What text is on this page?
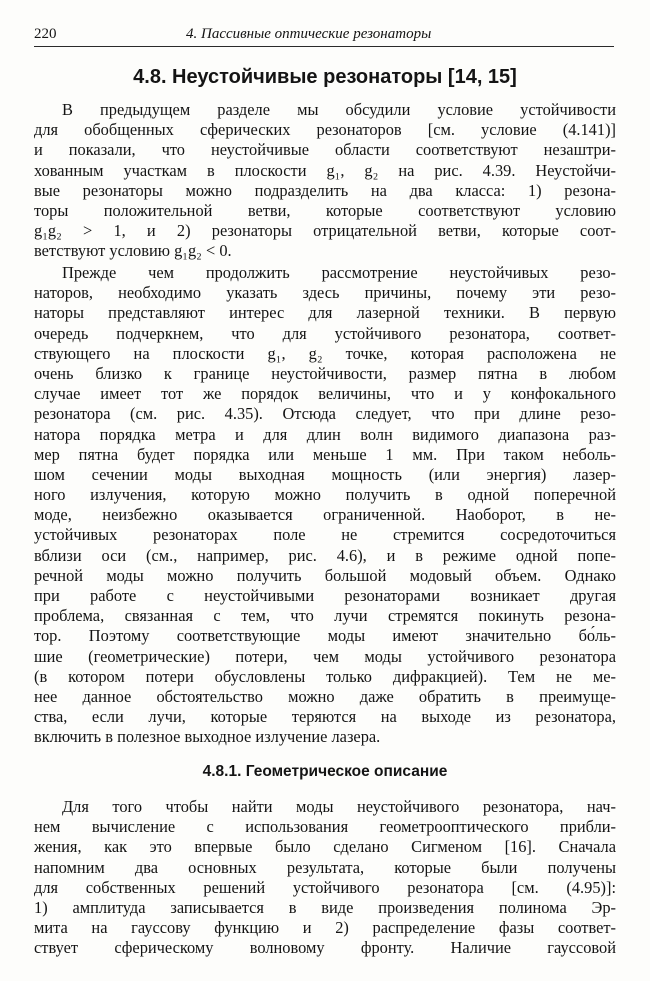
220	4. Пассивные оптические резонаторы
4.8. Неустойчивые резонаторы [14, 15]
В предыдущем разделе мы обсудили условие устойчивости
для обобщенных сферических резонаторов [см. условие (4.141)]
и показали, что неустойчивые области соответствуют незаштри-
хованным участкам в плоскости g₁, g₂ на рис. 4.39. Неустойчи-
вые резонаторы можно подразделить на два класса: 1) резона-
торы положительной ветви, которые соответствуют условию
g₁g₂ > 1, и 2) резонаторы отрицательной ветви, которые соот-
ветствуют условию g₁g₂ < 0.
Прежде чем продолжить рассмотрение неустойчивых резо-
наторов, необходимо указать здесь причины, почему эти резо-
наторы представляют интерес для лазерной техники. В первую
очередь подчеркнем, что для устойчивого резонатора, соответ-
ствующего на плоскости g₁, g₂ точке, которая расположена не
очень близко к границе неустойчивости, размер пятна в любом
случае имеет тот же порядок величины, что и у конфокального
резонатора (см. рис. 4.35). Отсюда следует, что при длине резо-
натора порядка метра и для длин волн видимого диапазона раз-
мер пятна будет порядка или меньше 1 мм. При таком неболь-
шом сечении моды выходная мощность (или энергия) лазер-
ного излучения, которую можно получить в одной поперечной
моде, неизбежно оказывается ограниченной. Наоборот, в не-
устойчивых резонаторах поле не стремится сосредоточиться
вблизи оси (см., например, рис. 4.6), и в режиме одной попе-
речной моды можно получить большой модовый объем. Однако
при работе с неустойчивыми резонаторами возникает другая
проблема, связанная с тем, что лучи стремятся покинуть резона-
тор. Поэтому соответствующие моды имеют значительно бо́ль-
шие (геометрические) потери, чем моды устойчивого резонатора
(в котором потери обусловлены только дифракцией). Тем не ме-
нее данное обстоятельство можно даже обратить в преимуще-
ства, если лучи, которые теряются на выходе из резонатора,
включить в полезное выходное излучение лазера.
4.8.1. Геометрическое описание
Для того чтобы найти моды неустойчивого резонатора, нач-
нем вычисление с использования геометрооптического прибли-
жения, как это впервые было сделано Сигменом [16]. Сначала
напомним два основных результата, которые были получены
для собственных решений устойчивого резонатора [см. (4.95)]:
1) амплитуда записывается в виде произведения полинома Эр-
мита на гауссову функцию и 2) распределение фазы соответ-
ствует сферическому волновому фронту. Наличие гауссовой
